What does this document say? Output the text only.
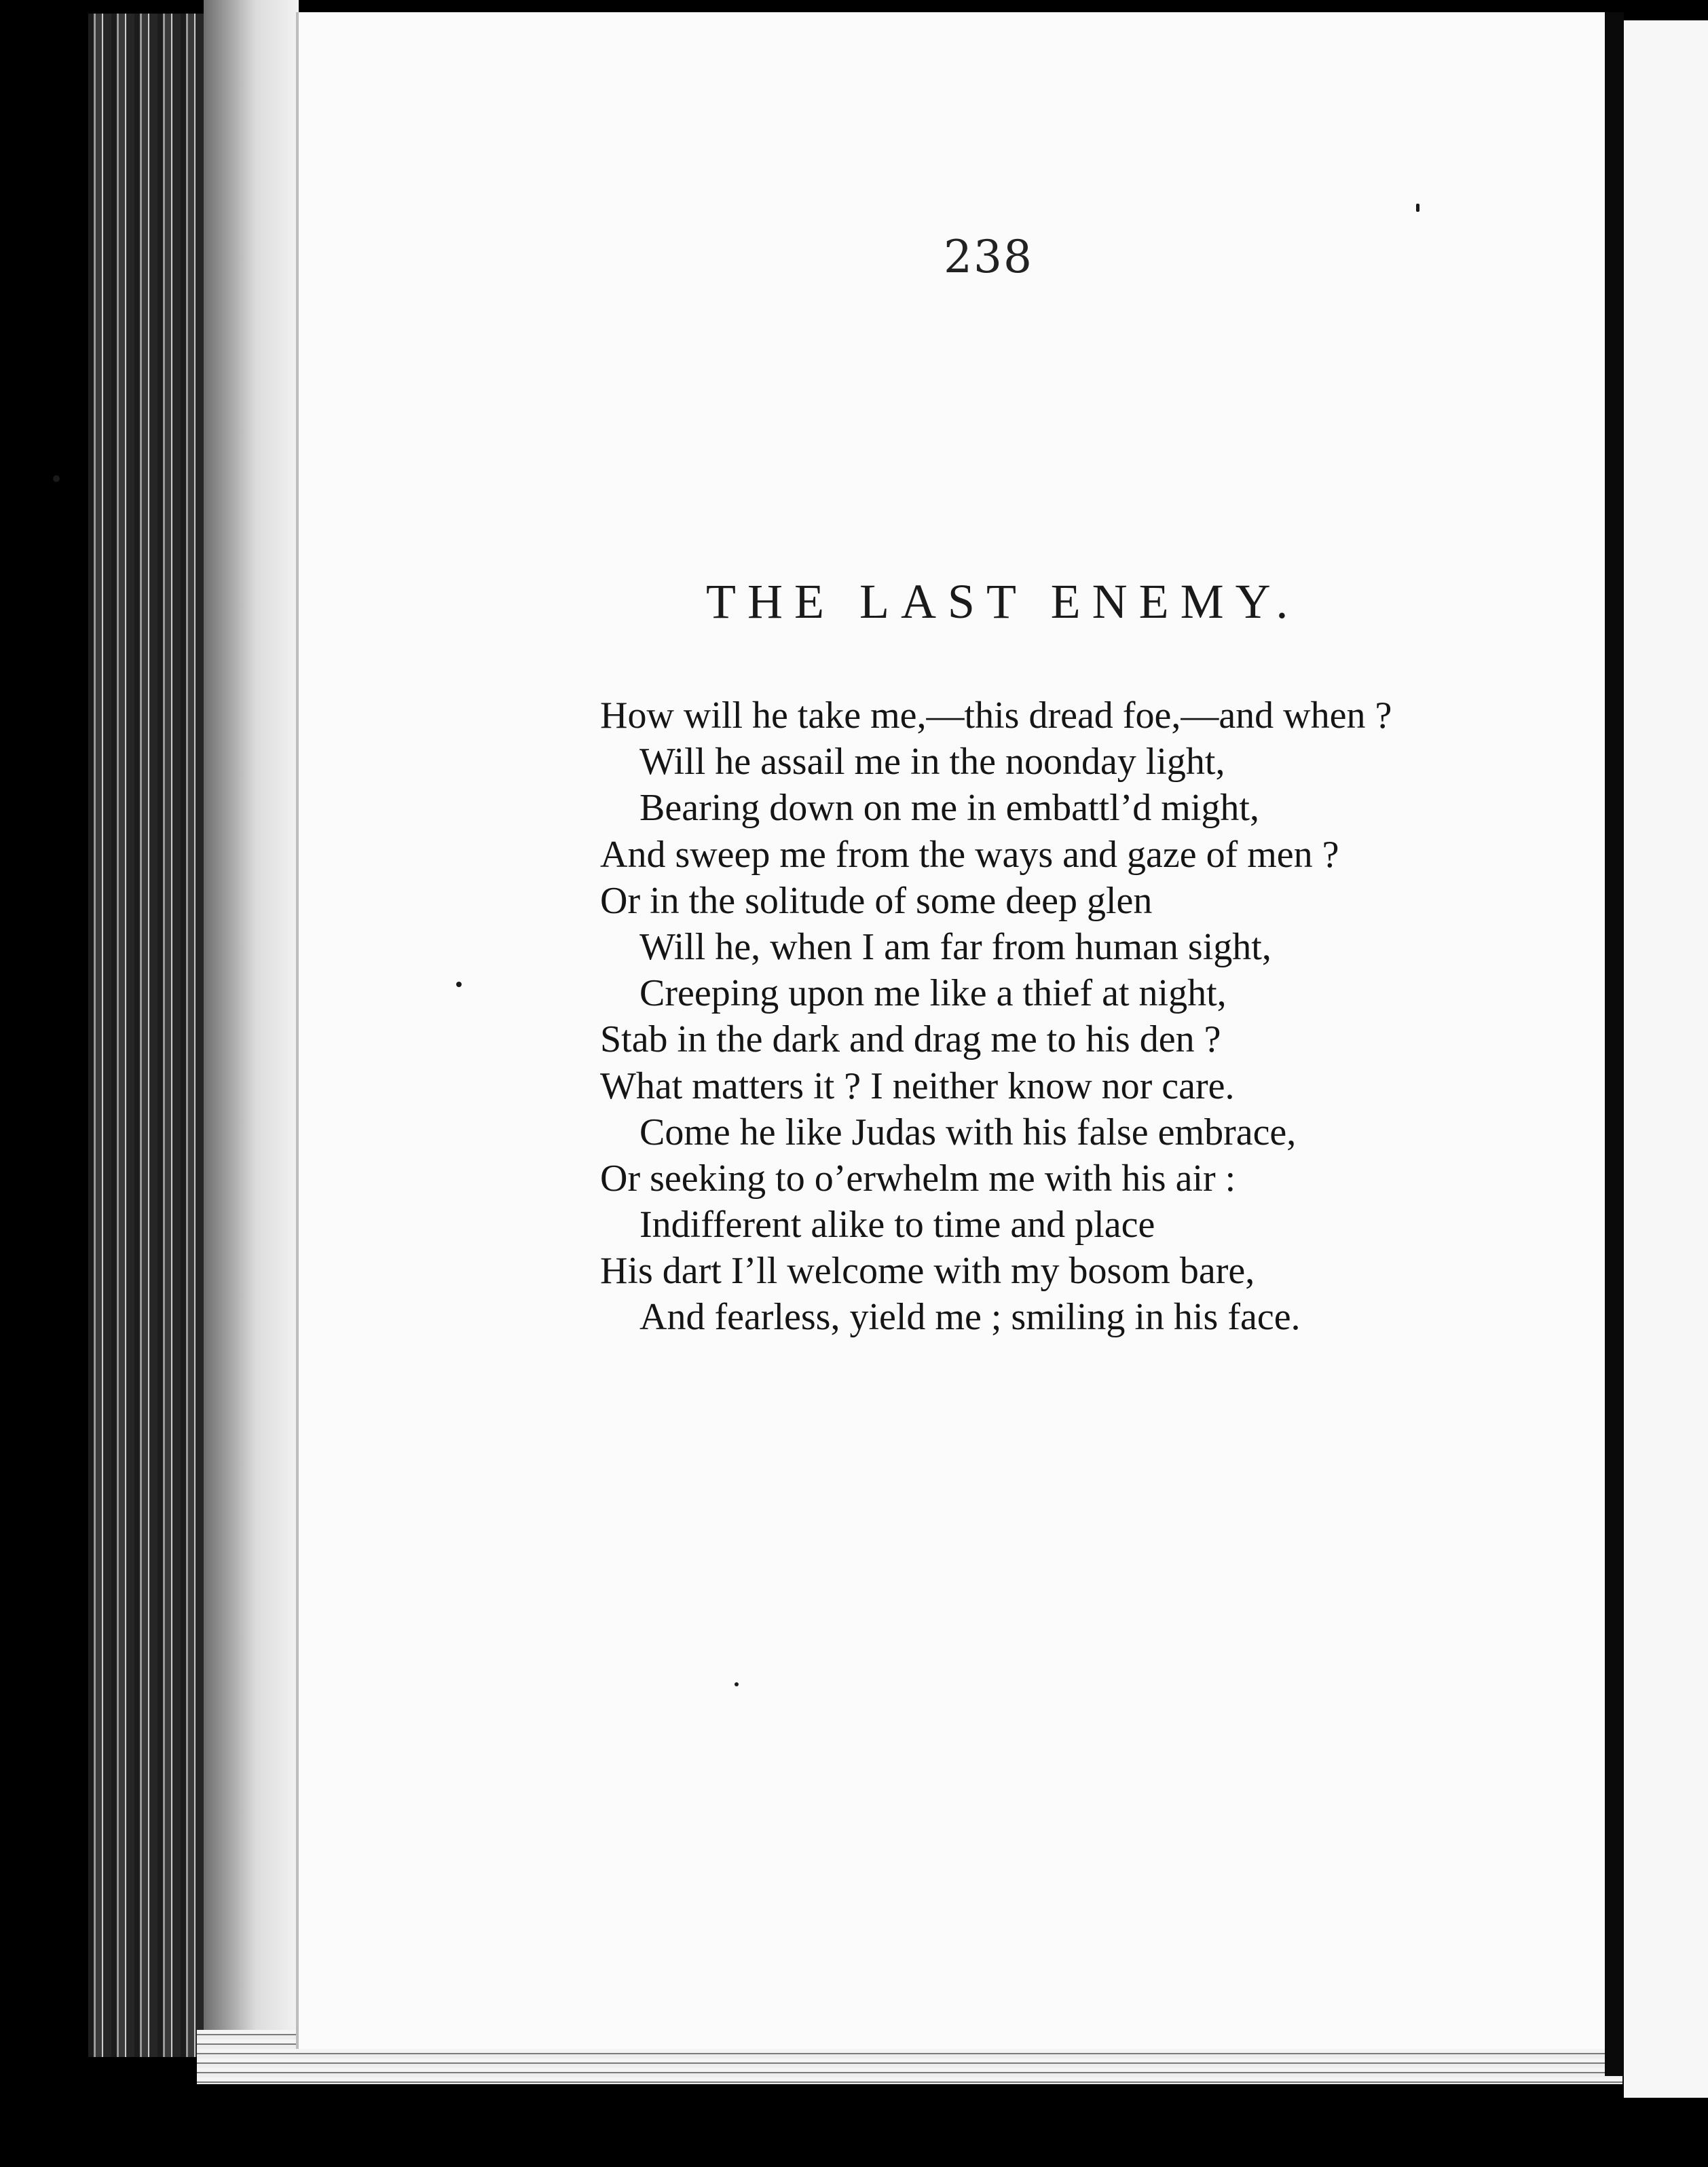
238
THE LAST ENEMY.
How will he take me,—this dread foe,—and when ?
Will he assail me in the noonday light,
Bearing down on me in embattl’d might,
And sweep me from the ways and gaze of men ?
Or in the solitude of some deep glen
Will he, when I am far from human sight,
Creeping upon me like a thief at night,
Stab in the dark and drag me to his den ?
What matters it ? I neither know nor care.
Come he like Judas with his false embrace,
Or seeking to o’erwhelm me with his air :
Indifferent alike to time and place
His dart I’ll welcome with my bosom bare,
And fearless, yield me ; smiling in his face.
